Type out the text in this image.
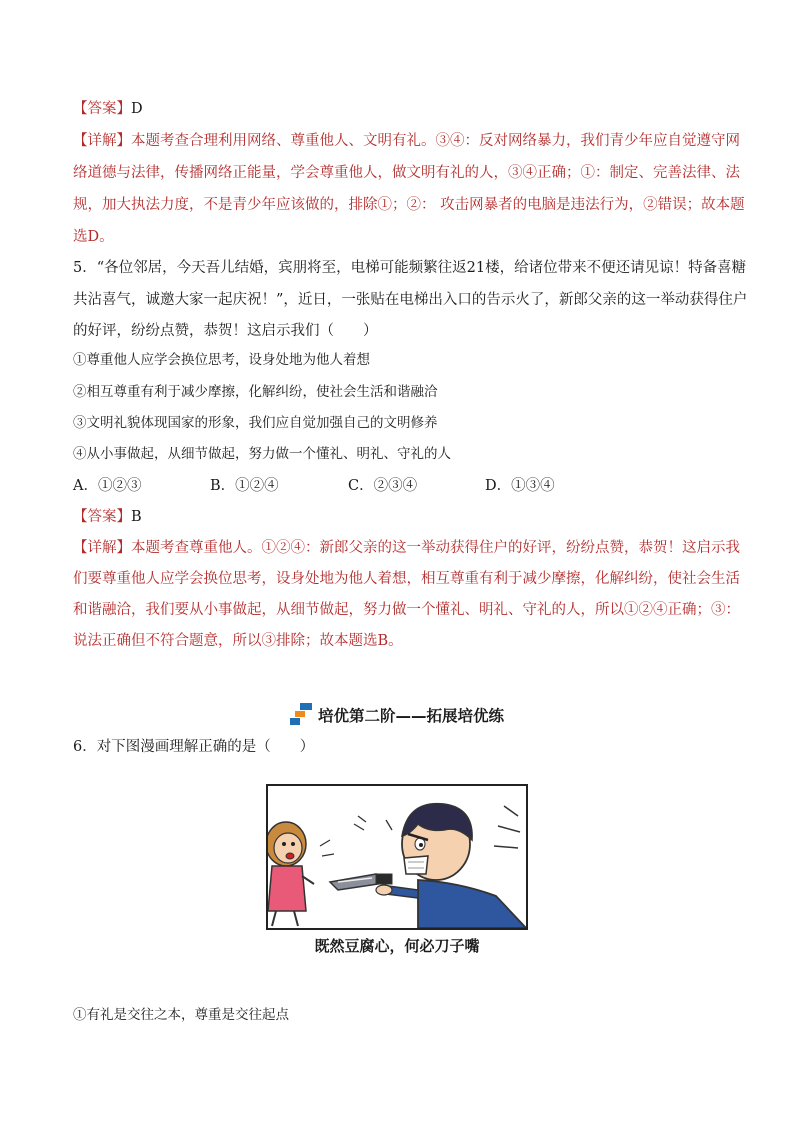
【答案】D
【详解】本题考查合理利用网络、尊重他人、文明有礼。③④：反对网络暴力，我们青少年应自觉遵守网
络道德与法律，传播网络正能量，学会尊重他人，做文明有礼的人，③④正确；①：制定、完善法律、法
规，加大执法力度，不是青少年应该做的，排除①；②： 攻击网暴者的电脑是违法行为，②错误；故本题
选D。
5．“各位邻居，今天吾儿结婚，宾朋将至，电梯可能频繁往返21楼，给诸位带来不便还请见谅！特备喜糖
共沾喜气，诚邀大家一起庆祝！”，近日，一张贴在电梯出入口的告示火了，新郎父亲的这一举动获得住户
的好评，纷纷点赞，恭贺！这启示我们（　　）
①尊重他人应学会换位思考，设身处地为他人着想
②相互尊重有利于减少摩擦，化解纠纷，使社会生活和谐融洽
③文明礼貌体现国家的形象，我们应自觉加强自己的文明修养
④从小事做起，从细节做起，努力做一个懂礼、明礼、守礼的人
A．①②③	B．①②④	C．②③④	D．①③④
【答案】B
【详解】本题考查尊重他人。①②④：新郎父亲的这一举动获得住户的好评，纷纷点赞，恭贺！这启示我
们要尊重他人应学会换位思考，设身处地为他人着想，相互尊重有利于减少摩擦，化解纠纷，使社会生活
和谐融洽，我们要从小事做起，从细节做起，努力做一个懂礼、明礼、守礼的人，所以①②④正确；③：
说法正确但不符合题意，所以③排除；故本题选B。
培优第二阶——拓展培优练
6．对下图漫画理解正确的是（　　）
既然豆腐心，何必刀子嘴
①有礼是交往之本，尊重是交往起点
